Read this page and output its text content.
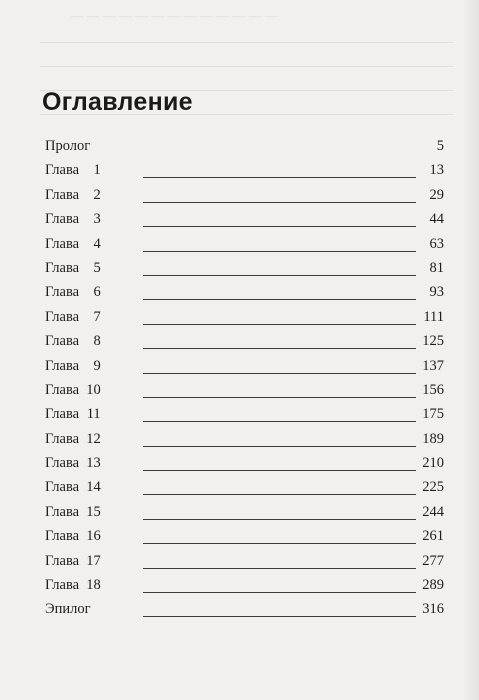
— — — — — — — — — — — — —
Оглавление
Пролог	5
Глава 1	13
Глава 2	29
Глава 3	44
Глава 4	63
Глава 5	81
Глава 6	93
Глава 7	111
Глава 8	125
Глава 9	137
Глава 10	156
Глава 11	175
Глава 12	189
Глава 13	210
Глава 14	225
Глава 15	244
Глава 16	261
Глава 17	277
Глава 18	289
Эпилог	316
